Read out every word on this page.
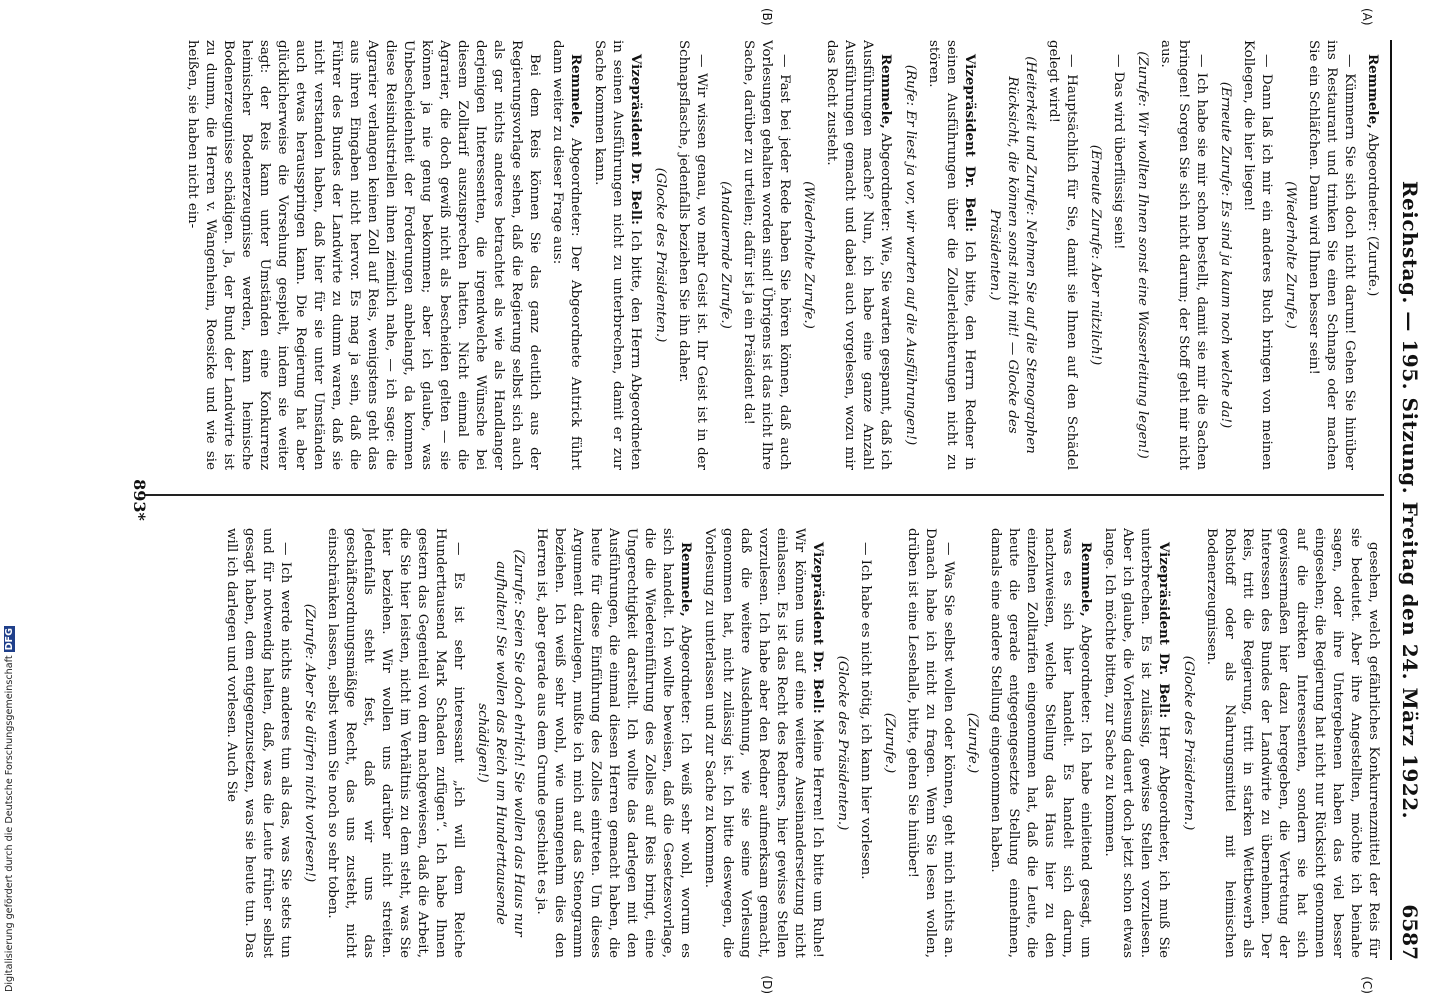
Digitalisierung gefördert durch die Deutsche ForschungsgemeinschaftDFG	Reichstag. — 195. Sitzung. Freitag den 24. März 1922.
6587
(A)
(B)
(C)
(D)

Remmele, Abgeordneter: (Zurufe.)

— Kümmern Sie sich doch nicht darum! Gehen Sie hinüber ins Restaurant und trinken Sie einen Schnaps oder machen Sie ein Schläfchen. Dann wird Ihnen besser sein!

(Wiederholte Zurufe.)

— Dann laß ich mir ein anderes Buch bringen von meinen Kollegen, die hier liegen!

(Erneute Zurufe: Es sind ja kaum noch welche da!)

— Ich habe sie mir schon bestellt, damit sie mir die Sachen bringen! Sorgen Sie sich nicht darum; der Stoff geht mir nicht aus.

(Zurufe: Wir wollten Ihnen sonst eine Wasserleitung legen!)

— Das wird überflüssig sein!

(Erneute Zurufe: Aber nützlich!)

— Hauptsächlich für Sie, damit sie Ihnen auf den Schädel gelegt wird!

(Heiterkeit und Zurufe: Nehmen Sie auf die Stenographen Rücksicht, die können sonst nicht mit! — Glocke des Präsidenten.)

Vizepräsident Dr. Bell: Ich bitte, den Herrn Redner in seinen Ausführungen über die Zollerleichterungen nicht zu stören.

(Rufe: Er liest ja vor, wir warten auf die Ausführungen!)

Remmele, Abgeordneter: Wie, Sie warten gespannt, daß ich Ausführungen mache? Nun, ich habe eine ganze Anzahl Ausführungen gemacht und dabei auch vorgelesen, wozu mir das Recht zusteht.

(Wiederholte Zurufe.)

— Fast bei jeder Rede haben Sie hören können, daß auch Vorlesungen gehalten worden sind! Übrigens ist das nicht Ihre Sache, darüber zu urteilen; dafür ist ja ein Präsident da!

(Andauernde Zurufe.)

— Wir wissen genau, wo mehr Geist ist. Ihr Geist ist in der Schnapsflasche, jedenfalls beziehen Sie ihn daher.

(Glocke des Präsidenten.)

Vizepräsident Dr. Bell: Ich bitte, den Herrn Abgeordneten in seinen Ausführungen nicht zu unterbrechen, damit er zur Sache kommen kann.

Remmele, Abgeordneter: Der Abgeordnete Antrick führt dann weiter zu dieser Frage aus:

Bei dem Reis können Sie das ganz deutlich aus der Regierungsvorlage sehen, daß die Regierung selbst sich auch als gar nichts anderes betrachtet als wie als Handlanger derjenigen Interessenten, die irgendwelche Wünsche bei diesem Zolltarif auszusprechen hatten. Nicht einmal die Agrarier, die doch gewiß nicht als bescheiden gelten — sie können ja nie genug bekommen; aber ich glaube, was Unbescheidenheit der Forderungen anbelangt, da kommen diese Reisindustriellen ihnen ziemlich nahe, — ich sage: die Agrarier verlangen keinen Zoll auf Reis, wenigstens geht das aus ihren Eingaben nicht hervor. Es mag ja sein, daß die Führer des Bundes der Landwirte zu dumm waren, daß sie nicht verstanden haben, daß hier für sie unter Umständen auch etwas herausspringen kann. Die Regierung hat aber glücklicherweise die Vorsehung gespielt, indem sie weiter sagt: der Reis kann unter Umständen eine Konkurrenz heimischer Bodenerzeugnisse werden, kann heimische Bodenerzeugnisse schädigen. Ja, der Bund der Landwirte ist zu dumm, die Herren v. Wangenheim, Roesicke und wie sie heißen, sie haben nicht ein-

gesehen, welch gefährliches Konkurrenzmittel der Reis für sie bedeutet. Aber ihre Angestellten, möchte ich beinahe sagen, oder ihre Untergebenen haben das viel besser eingesehen; die Regierung hat nicht nur Rücksicht genommen auf die direkten Interessenten, sondern sie hat sich gewissermaßen hier dazu hergegeben, die Vertretung der Interessen des Bundes der Landwirte zu übernehmen. Der Reis, tritt die Regierung, tritt in starken Wettbewerb als Rohstoff oder als Nahrungsmittel mit heimischen Bodenerzeugnissen.

(Glocke des Präsidenten.)

Vizepräsident Dr. Bell: Herr Abgeordneter, ich muß Sie unterbrechen. Es ist zulässig, gewisse Stellen vorzulesen. Aber ich glaube, die Vorlesung dauert doch jetzt schon etwas lange. Ich möchte bitten, zur Sache zu kommen.

Remmele, Abgeordneter: Ich habe einleitend gesagt, um was es sich hier handelt. Es handelt sich darum, nachzuweisen, welche Stellung das Haus hier zu den einzelnen Zolltarifen eingenommen hat, daß die Leute, die heute die gerade entgegengesetzte Stellung einnehmen, damals eine andere Stellung eingenommen haben.

(Zurufe.)

— Was Sie selbst wollen oder können, geht mich nichts an. Danach habe ich nicht zu fragen. Wenn Sie lesen wollen, drüben ist eine Lesehalle, bitte, gehen Sie hinüber!

(Zurufe.)

— Ich habe es nicht nötig, ich kann hier vorlesen.

(Glocke des Präsidenten.)

Vizepräsident Dr. Bell: Meine Herren! Ich bitte um Ruhe! Wir können uns auf eine weitere Auseinandersetzung nicht einlassen. Es ist das Recht des Redners, hier gewisse Stellen vorzulesen. Ich habe aber den Redner aufmerksam gemacht, daß die weitere Ausdehnung, wie sie seine Vorlesung genommen hat, nicht zulässig ist. Ich bitte deswegen, die Vorlesung zu unterlassen und zur Sache zu kommen.

Remmele, Abgeordneter: Ich weiß sehr wohl, worum es sich handelt. Ich wollte beweisen, daß die Gesetzesvorlage, die die Wiedereinführung des Zolles auf Reis bringt, eine Ungerechtigkeit darstellt. Ich wollte das darlegen mit den Ausführungen, die einmal diesen Herren gemacht haben, die heute für diese Einführung des Zolles eintreten. Um dieses Argument darzulegen, mußte ich mich auf das Stenogramm beziehen. Ich weiß sehr wohl, wie unangenehm dies den Herren ist, aber gerade aus dem Grunde geschieht es ja.

(Zurufe: Seien Sie doch ehrlich! Sie wollen das Haus nur aufhalten! Sie wollen das Reich um Hunderttausende schädigen!)

— Es ist sehr interessant „ich will dem Reiche Hunderttausend Mark Schaden zufügen“. Ich habe Ihnen gestern das Gegenteil von dem nachgewiesen, daß die Arbeit, die Sie hier leisten, nicht im Verhältnis zu dem steht, was Sie hier beziehen. Wir wollen uns darüber nicht streiten. Jedenfalls steht fest, daß wir uns das geschäftsordnungsmäßige Recht, das uns zusteht, nicht einschränken lassen, selbst wenn Sie noch so sehr toben.

(Zurufe: Aber Sie dürfen nicht vorlesen!)

— Ich werde nichts anderes tun als das, was Sie stets tun und für notwendig halten, daß, was die Leute früher selbst gesagt haben, dem entgegenzusetzen, was sie heute tun. Das will ich darlegen und vorlesen. Auch Sie

893*
